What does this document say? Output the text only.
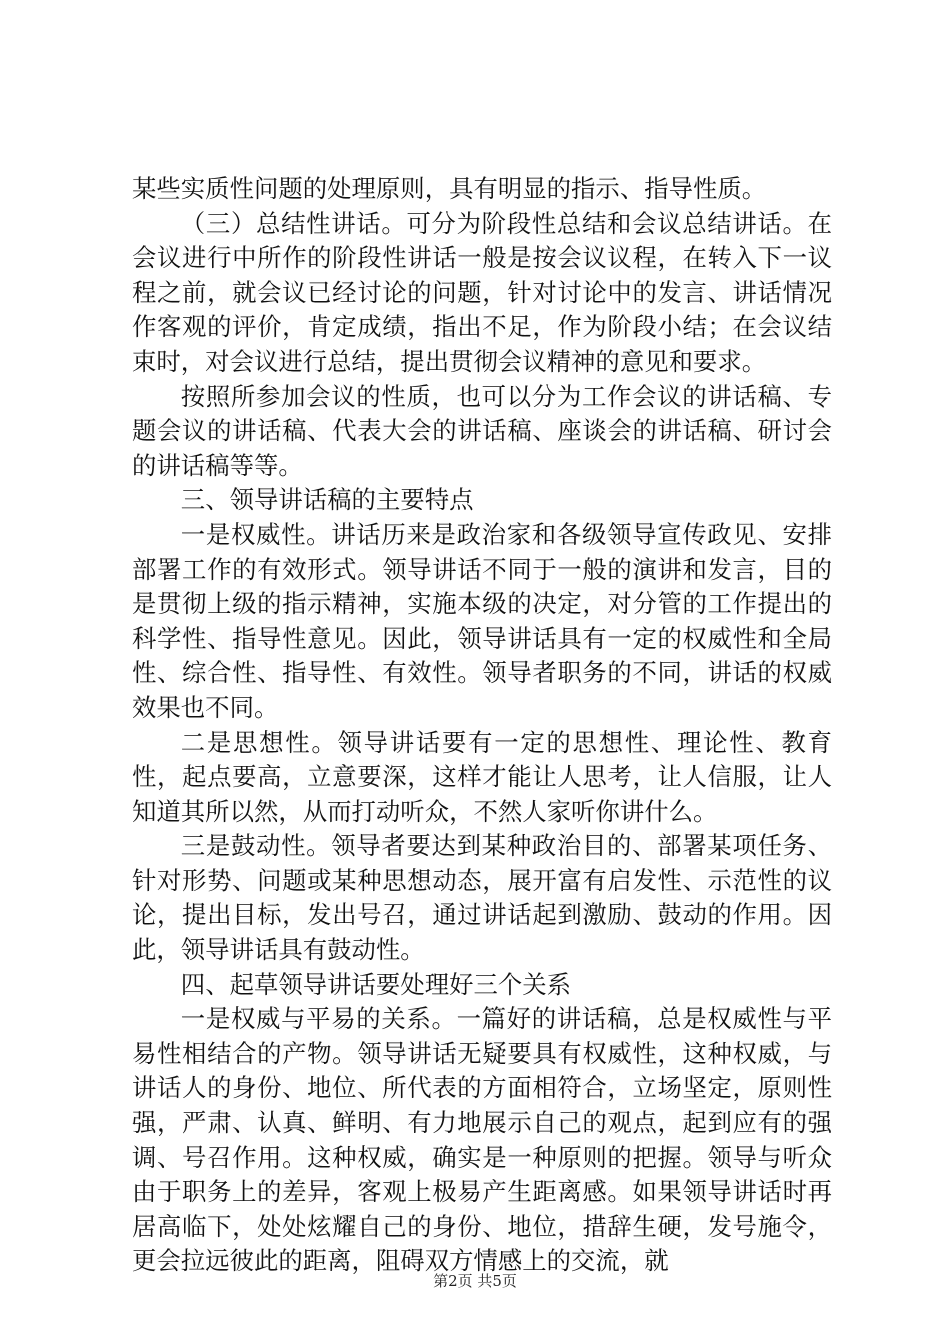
某些实质性问题的处理原则，具有明显的指示、指导性质。

（三）总结性讲话。可分为阶段性总结和会议总结讲话。在会议进行中所作的阶段性讲话一般是按会议议程，在转入下一议程之前，就会议已经讨论的问题，针对讨论中的发言、讲话情况作客观的评价，肯定成绩，指出不足，作为阶段小结；在会议结束时，对会议进行总结，提出贯彻会议精神的意见和要求。

按照所参加会议的性质，也可以分为工作会议的讲话稿、专题会议的讲话稿、代表大会的讲话稿、座谈会的讲话稿、研讨会的讲话稿等等。

三、领导讲话稿的主要特点

一是权威性。讲话历来是政治家和各级领导宣传政见、安排部署工作的有效形式。领导讲话不同于一般的演讲和发言，目的是贯彻上级的指示精神，实施本级的决定，对分管的工作提出的科学性、指导性意见。因此，领导讲话具有一定的权威性和全局性、综合性、指导性、有效性。领导者职务的不同，讲话的权威效果也不同。

二是思想性。领导讲话要有一定的思想性、理论性、教育性，起点要高，立意要深，这样才能让人思考，让人信服，让人知道其所以然，从而打动听众，不然人家听你讲什么。

三是鼓动性。领导者要达到某种政治目的、部署某项任务、针对形势、问题或某种思想动态，展开富有启发性、示范性的议论，提出目标，发出号召，通过讲话起到激励、鼓动的作用。因此，领导讲话具有鼓动性。

四、起草领导讲话要处理好三个关系

一是权威与平易的关系。一篇好的讲话稿，总是权威性与平易性相结合的产物。领导讲话无疑要具有权威性，这种权威，与讲话人的身份、地位、所代表的方面相符合，立场坚定，原则性强，严肃、认真、鲜明、有力地展示自己的观点，起到应有的强调、号召作用。这种权威，确实是一种原则的把握。领导与听众由于职务上的差异，客观上极易产生距离感。如果领导讲话时再居高临下，处处炫耀自己的身份、地位，措辞生硬，发号施令，更会拉远彼此的距离，阻碍双方情感上的交流，就

第2页 共5页
